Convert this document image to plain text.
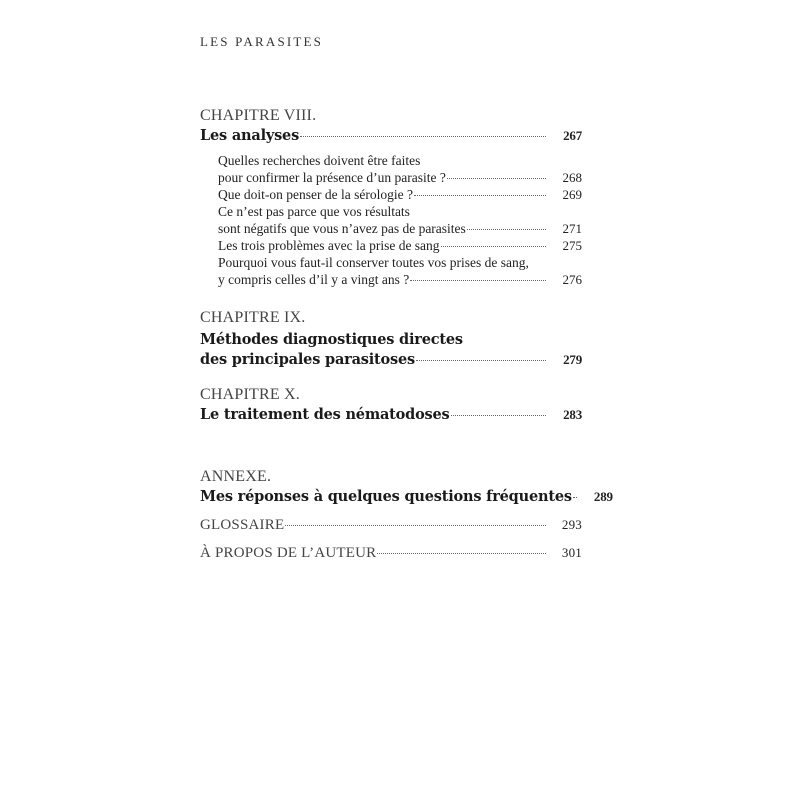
LES PARASITES
CHAPITRE VIII.
Les analyses	267
Quelles recherches doivent être faites
pour confirmer la présence d’un parasite ?	268
Que doit-on penser de la sérologie ?	269
Ce n’est pas parce que vos résultats
sont négatifs que vous n’avez pas de parasites	271
Les trois problèmes avec la prise de sang	275
Pourquoi vous faut-il conserver toutes vos prises de sang,
y compris celles d’il y a vingt ans ?	276
CHAPITRE IX.
Méthodes diagnostiques directes
des principales parasitoses	279
CHAPITRE X.
Le traitement des nématodoses	283
ANNEXE.
Mes réponses à quelques questions fréquentes	289
GLOSSAIRE	293
À PROPOS DE L’AUTEUR	301
